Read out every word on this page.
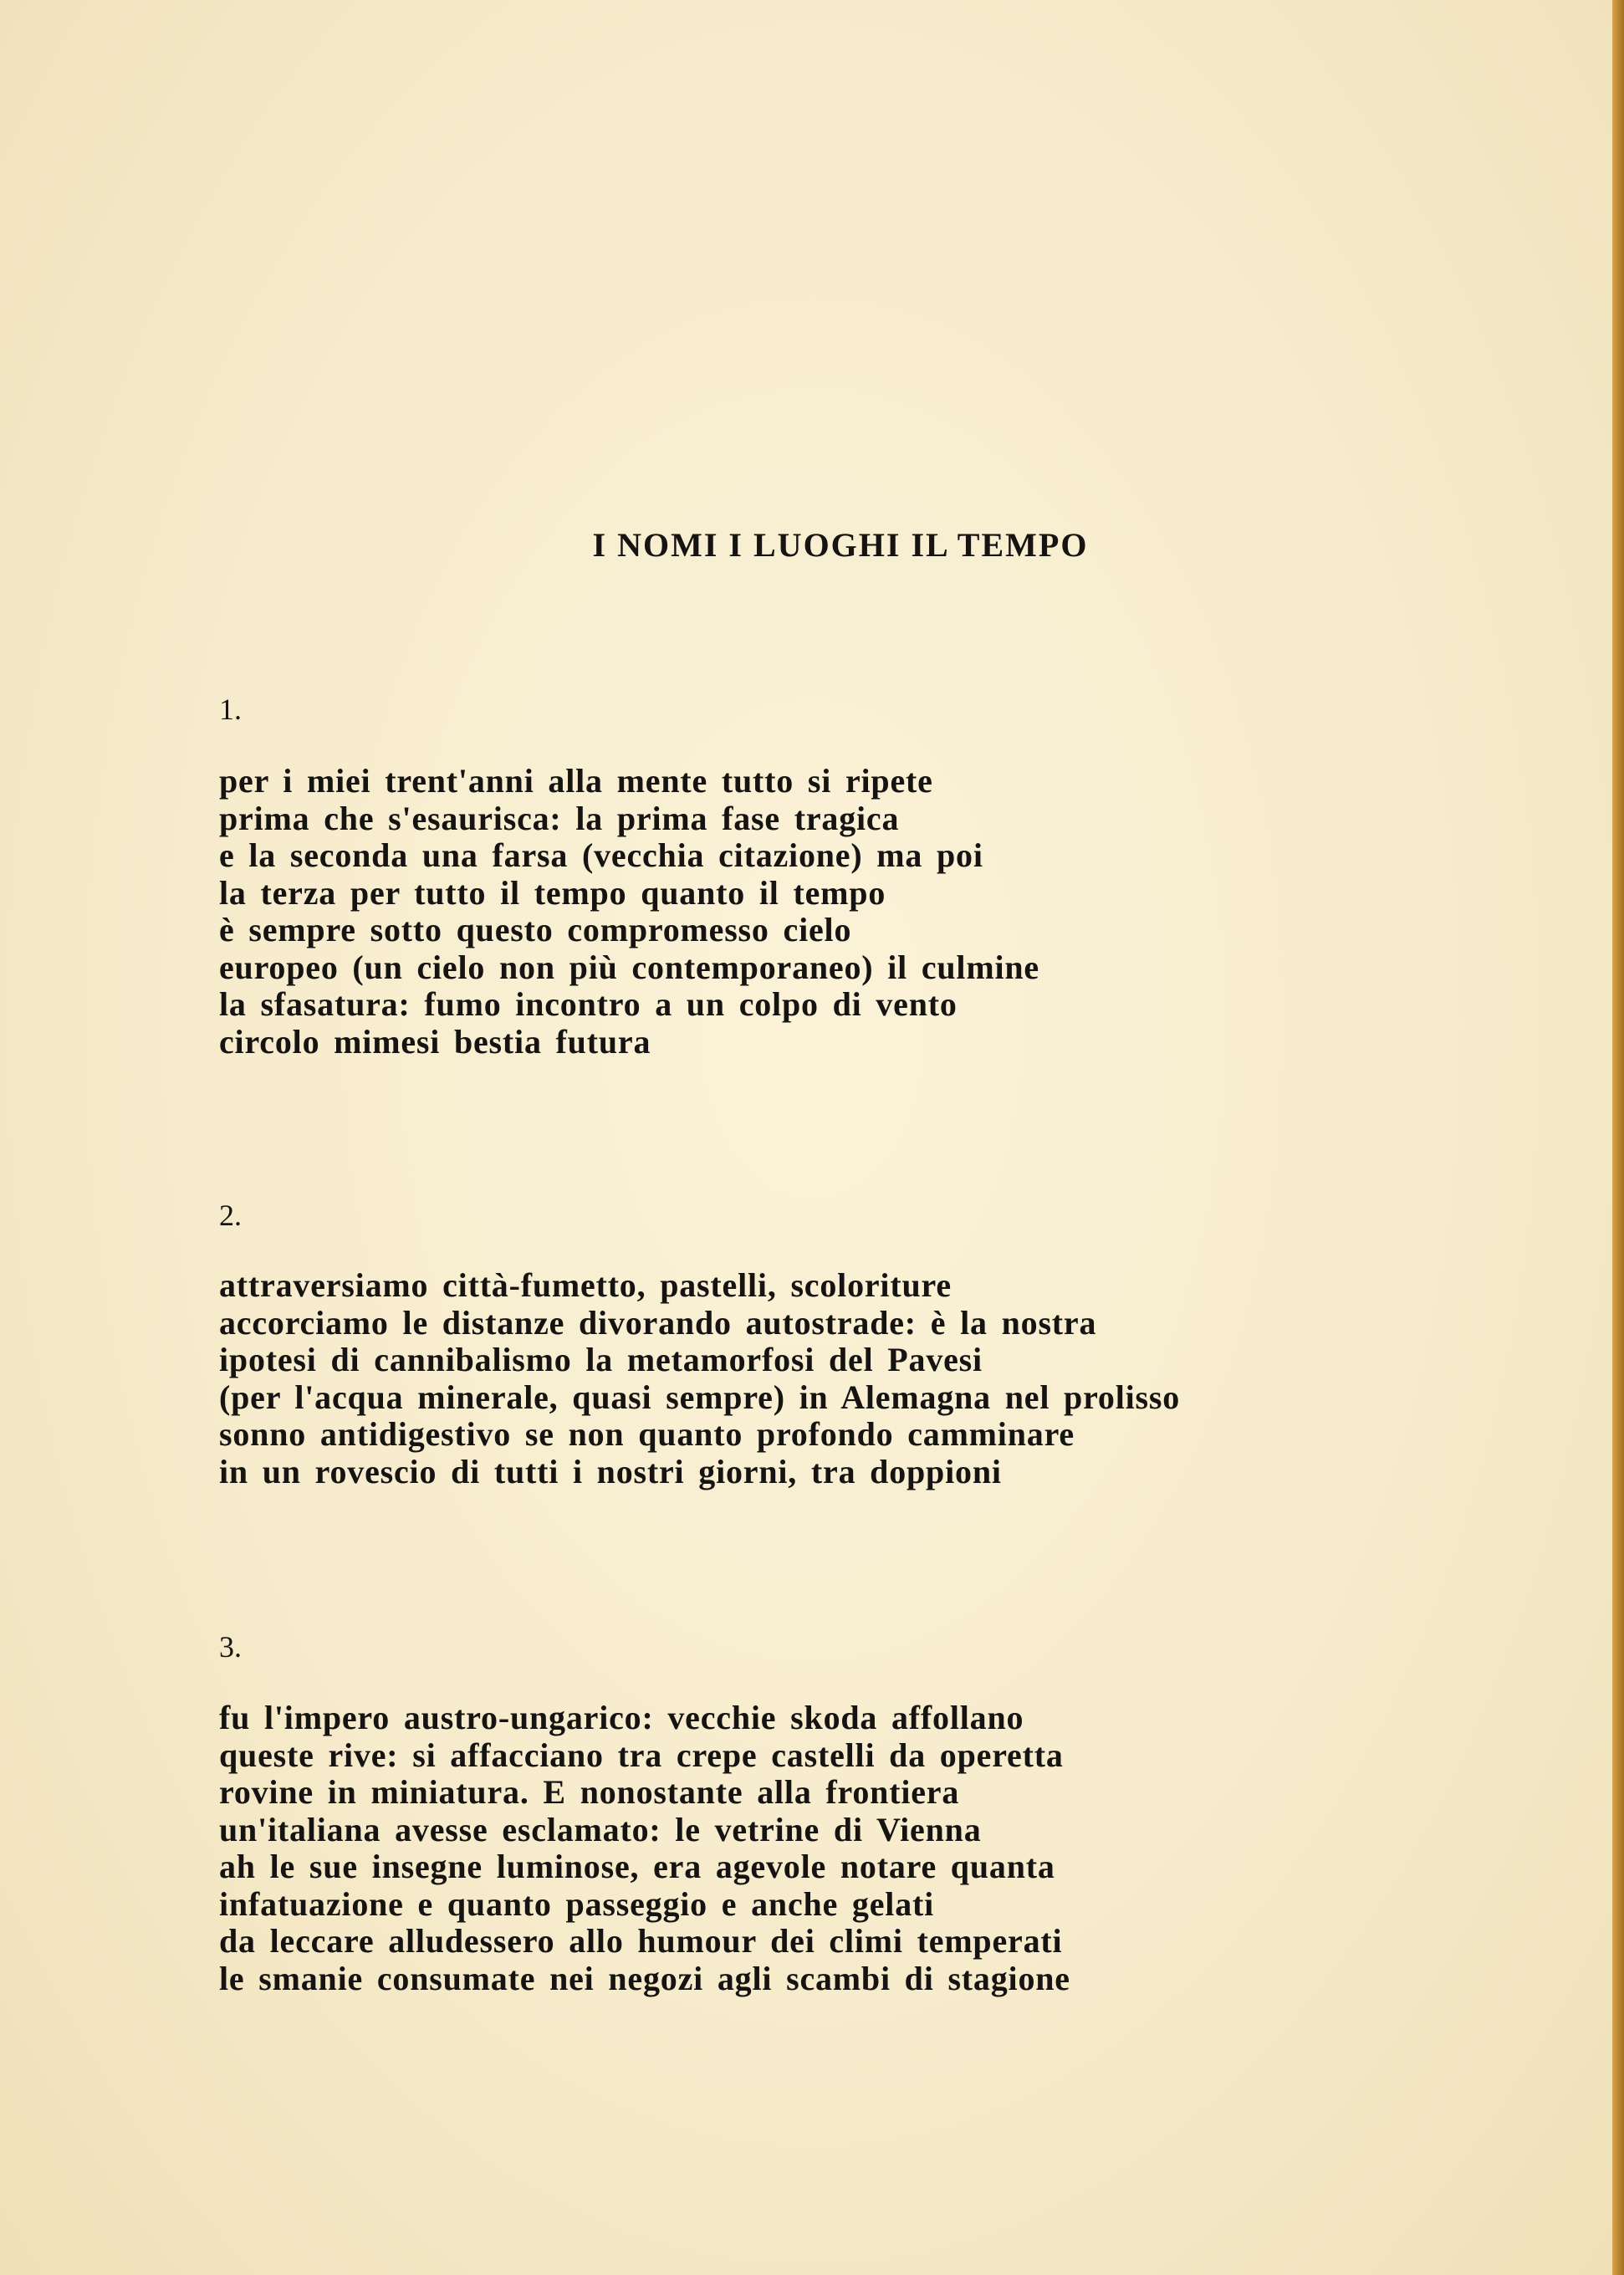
I NOMI I LUOGHI IL TEMPO
1.
per i miei trent'anni alla mente tutto si ripete
prima che s'esaurisca: la prima fase tragica
e la seconda una farsa (vecchia citazione) ma poi
la terza per tutto il tempo quanto il tempo
è sempre sotto questo compromesso cielo
europeo (un cielo non più contemporaneo) il culmine
la sfasatura: fumo incontro a un colpo di vento
circolo mimesi bestia futura
2.
attraversiamo città-fumetto, pastelli, scoloriture
accorciamo le distanze divorando autostrade: è la nostra
ipotesi di cannibalismo la metamorfosi del Pavesi
(per l'acqua minerale, quasi sempre) in Alemagna nel prolisso
sonno antidigestivo se non quanto profondo camminare
in un rovescio di tutti i nostri giorni, tra doppioni
3.
fu l'impero austro-ungarico: vecchie skoda affollano
queste rive: si affacciano tra crepe castelli da operetta
rovine in miniatura. E nonostante alla frontiera
un'italiana avesse esclamato: le vetrine di Vienna
ah le sue insegne luminose, era agevole notare quanta
infatuazione e quanto passeggio e anche gelati
da leccare alludessero allo humour dei climi temperati
le smanie consumate nei negozi agli scambi di stagione
